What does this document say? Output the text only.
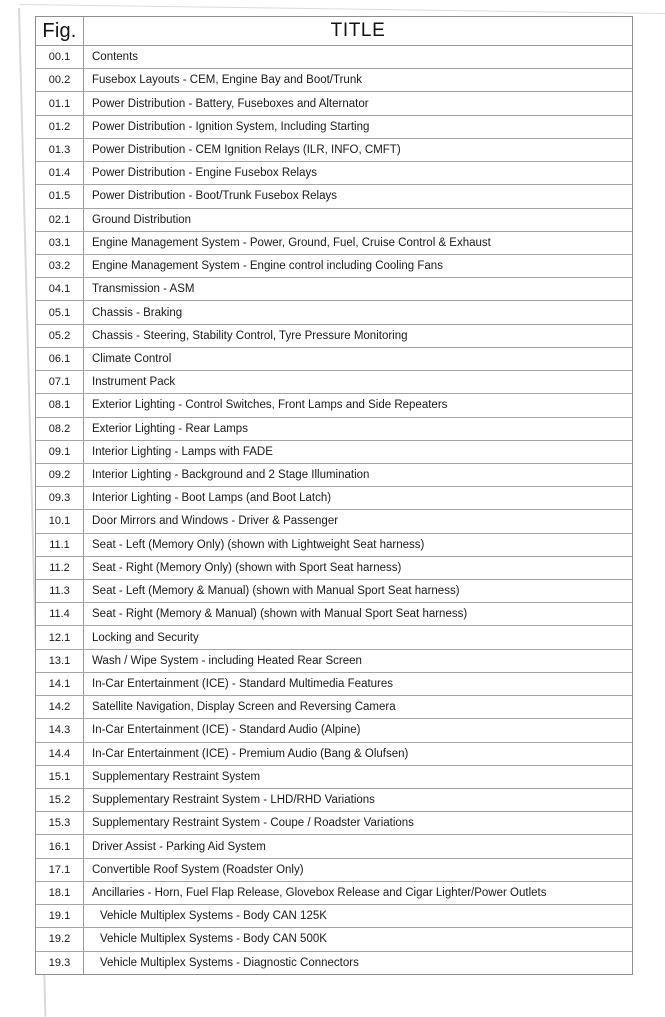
Fig.	TITLE
00.1	Contents
00.2	Fusebox Layouts - CEM, Engine Bay and Boot/Trunk
01.1	Power Distribution - Battery, Fuseboxes and Alternator
01.2	Power Distribution - Ignition System, Including Starting
01.3	Power Distribution - CEM Ignition Relays (ILR, INFO, CMFT)
01.4	Power Distribution - Engine Fusebox Relays
01.5	Power Distribution - Boot/Trunk Fusebox Relays
02.1	Ground Distribution
03.1	Engine Management System - Power, Ground, Fuel, Cruise Control & Exhaust
03.2	Engine Management System - Engine control including Cooling Fans
04.1	Transmission - ASM
05.1	Chassis - Braking
05.2	Chassis - Steering, Stability Control, Tyre Pressure Monitoring
06.1	Climate Control
07.1	Instrument Pack
08.1	Exterior Lighting - Control Switches, Front Lamps and Side Repeaters
08.2	Exterior Lighting - Rear Lamps
09.1	Interior Lighting - Lamps with FADE
09.2	Interior Lighting - Background and 2 Stage Illumination
09.3	Interior Lighting - Boot Lamps (and Boot Latch)
10.1	Door Mirrors and Windows - Driver & Passenger
11.1	Seat - Left (Memory Only) (shown with Lightweight Seat harness)
11.2	Seat - Right (Memory Only) (shown with Sport Seat harness)
11.3	Seat - Left (Memory & Manual) (shown with Manual Sport Seat harness)
11.4	Seat - Right (Memory & Manual) (shown with Manual Sport Seat harness)
12.1	Locking and Security
13.1	Wash / Wipe System - including Heated Rear Screen
14.1	In-Car Entertainment (ICE) - Standard Multimedia Features
14.2	Satellite Navigation, Display Screen and Reversing Camera
14.3	In-Car Entertainment (ICE) - Standard Audio (Alpine)
14.4	In-Car Entertainment (ICE) - Premium Audio (Bang & Olufsen)
15.1	Supplementary Restraint System
15.2	Supplementary Restraint System - LHD/RHD Variations
15.3	Supplementary Restraint System - Coupe / Roadster Variations
16.1	Driver Assist - Parking Aid System
17.1	Convertible Roof System (Roadster Only)
18.1	Ancillaries - Horn, Fuel Flap Release, Glovebox Release and Cigar Lighter/Power Outlets
19.1	Vehicle Multiplex Systems - Body CAN 125K
19.2	Vehicle Multiplex Systems - Body CAN 500K
19.3	Vehicle Multiplex Systems - Diagnostic Connectors
